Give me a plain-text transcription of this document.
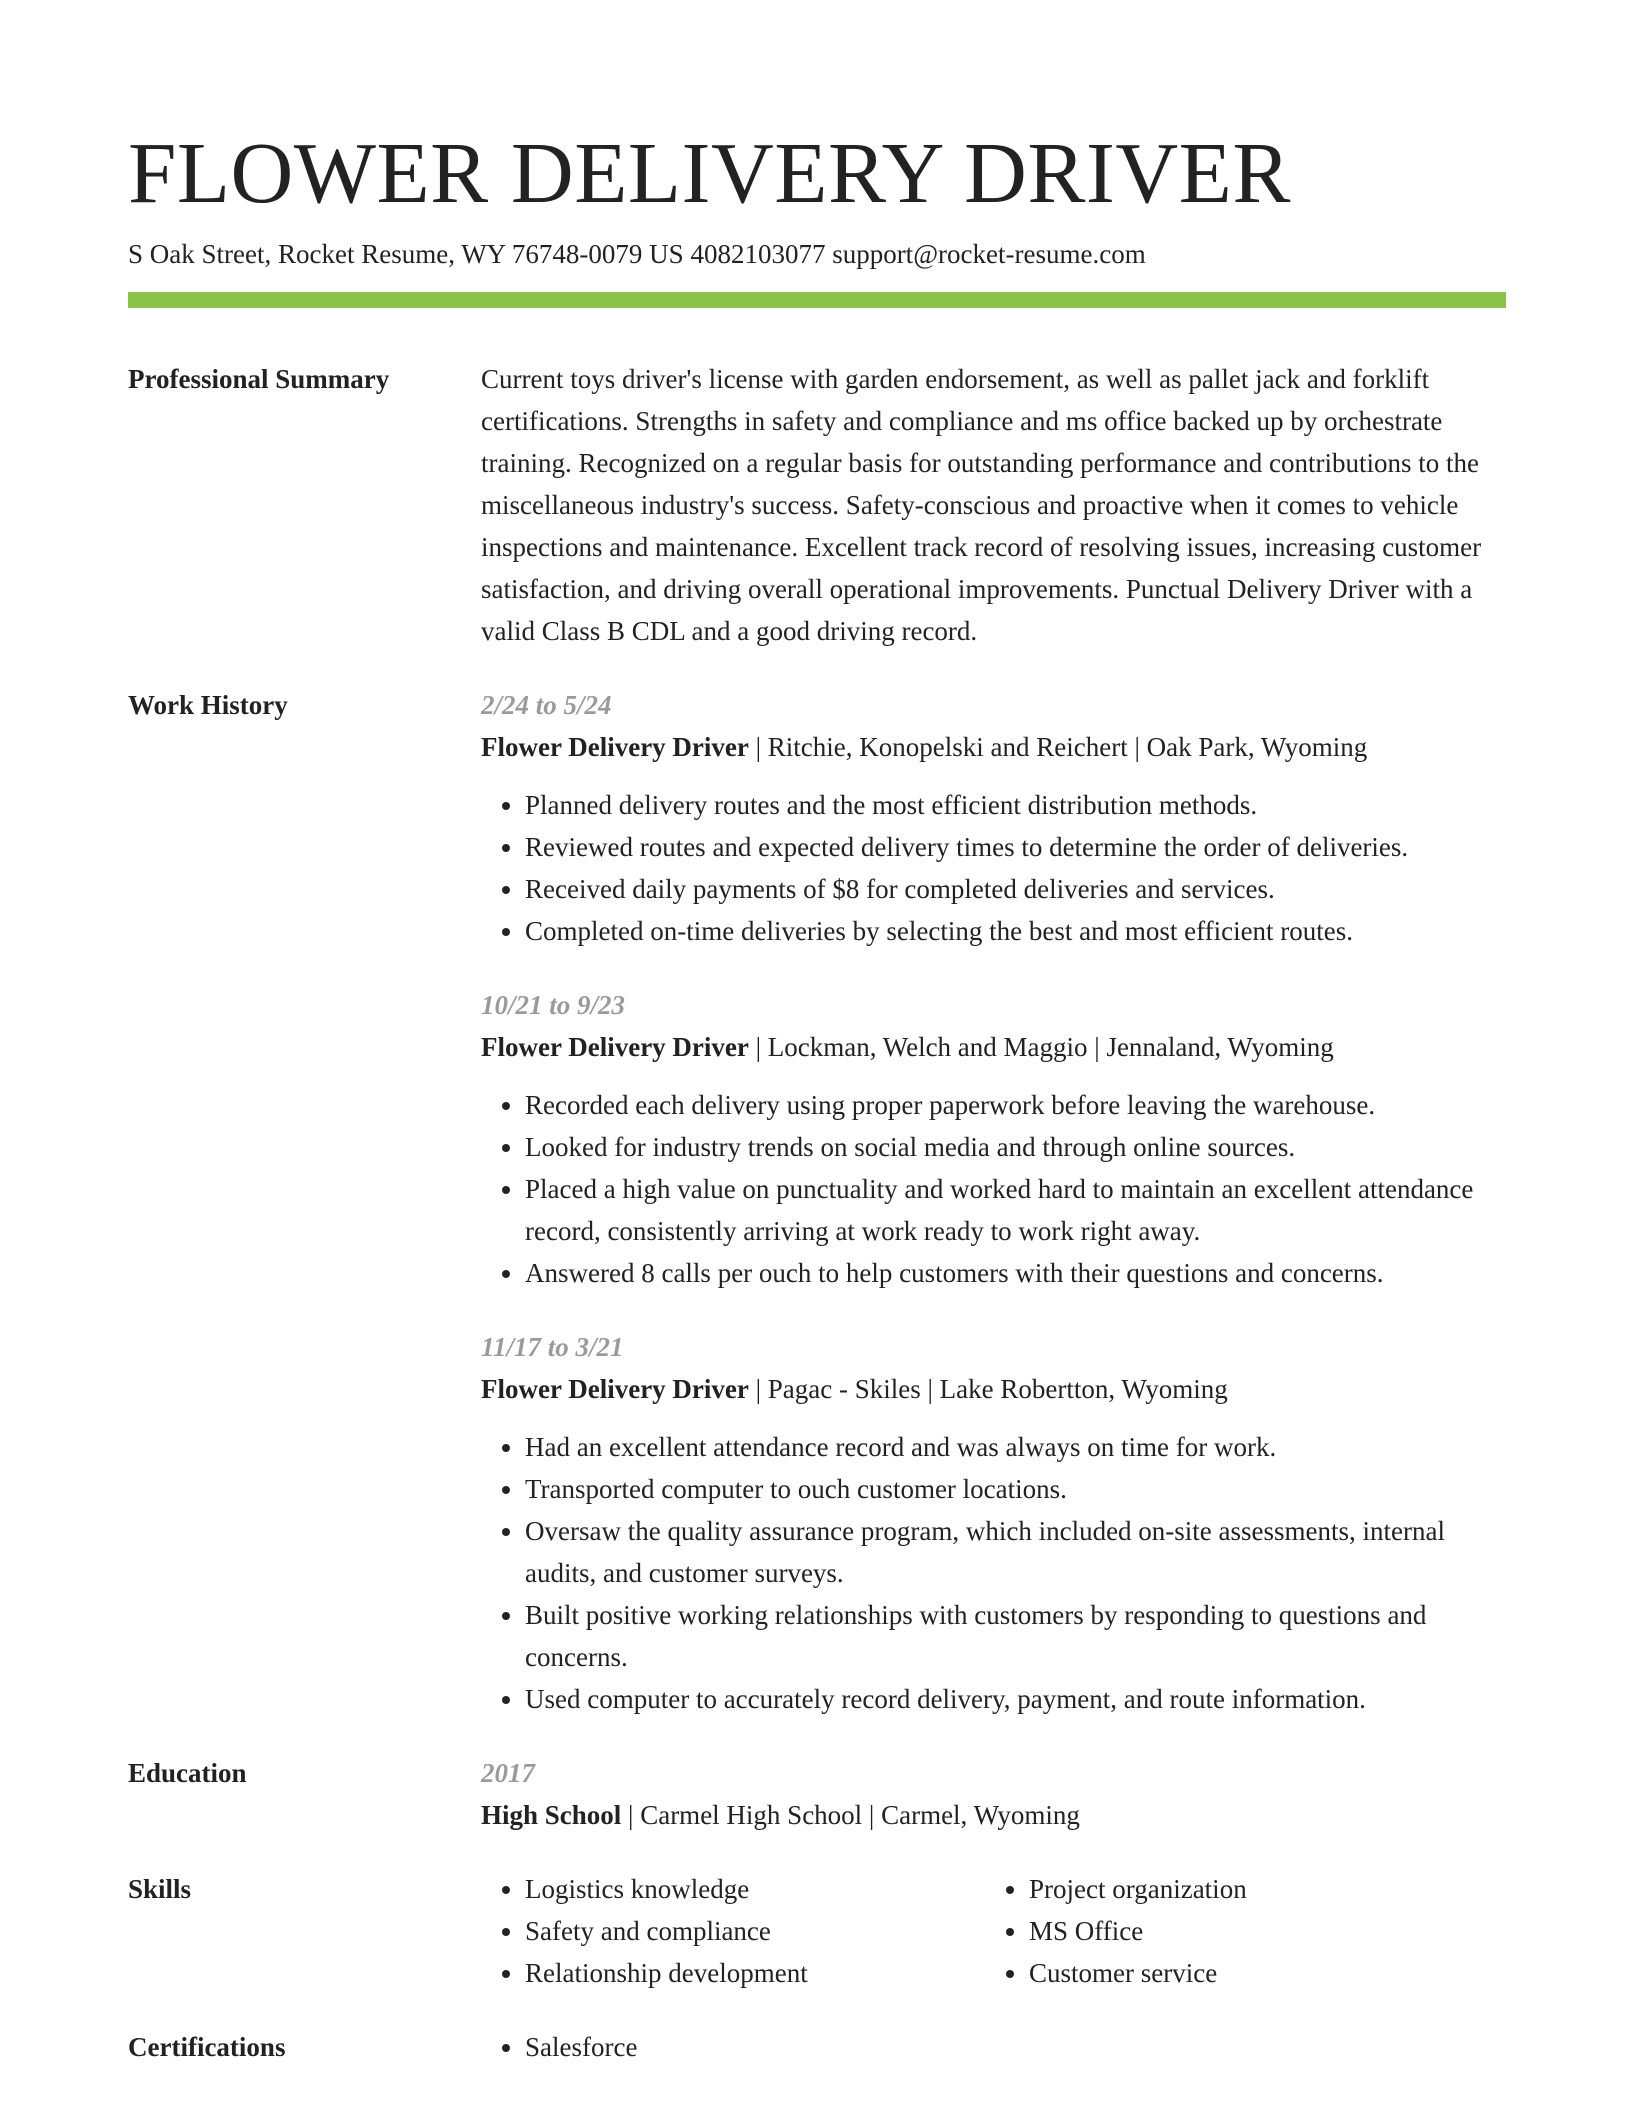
FLOWER DELIVERY DRIVER
S Oak Street, Rocket Resume, WY 76748-0079 US 4082103077 support@rocket-resume.com
Professional Summary	Current toys driver's license with garden endorsement, as well as pallet jack and forklift certifications. Strengths in safety and compliance and ms office backed up by orchestrate training. Recognized on a regular basis for outstanding performance and contributions to the miscellaneous industry's success. Safety-conscious and proactive when it comes to vehicle inspections and maintenance. Excellent track record of resolving issues, increasing customer satisfaction, and driving overall operational improvements. Punctual Delivery Driver with a valid Class B CDL and a good driving record.

Work History	2/24 to 5/24
Flower Delivery Driver | Ritchie, Konopelski and Reichert | Oak Park, Wyoming
• Planned delivery routes and the most efficient distribution methods.
• Reviewed routes and expected delivery times to determine the order of deliveries.
• Received daily payments of $8 for completed deliveries and services.
• Completed on-time deliveries by selecting the best and most efficient routes.
10/21 to 9/23
Flower Delivery Driver | Lockman, Welch and Maggio | Jennaland, Wyoming
• Recorded each delivery using proper paperwork before leaving the warehouse.
• Looked for industry trends on social media and through online sources.
• Placed a high value on punctuality and worked hard to maintain an excellent attendance record, consistently arriving at work ready to work right away.
• Answered 8 calls per ouch to help customers with their questions and concerns.
11/17 to 3/21
Flower Delivery Driver | Pagac - Skiles | Lake Robertton, Wyoming
• Had an excellent attendance record and was always on time for work.
• Transported computer to ouch customer locations.
• Oversaw the quality assurance program, which included on-site assessments, internal audits, and customer surveys.
• Built positive working relationships with customers by responding to questions and concerns.
• Used computer to accurately record delivery, payment, and route information.
Education	2017
High School | Carmel High School | Carmel, Wyoming
Skills	• Logistics knowledge
• Safety and compliance
• Relationship development
• Project organization
• MS Office
• Customer service
Certifications	• Salesforce
